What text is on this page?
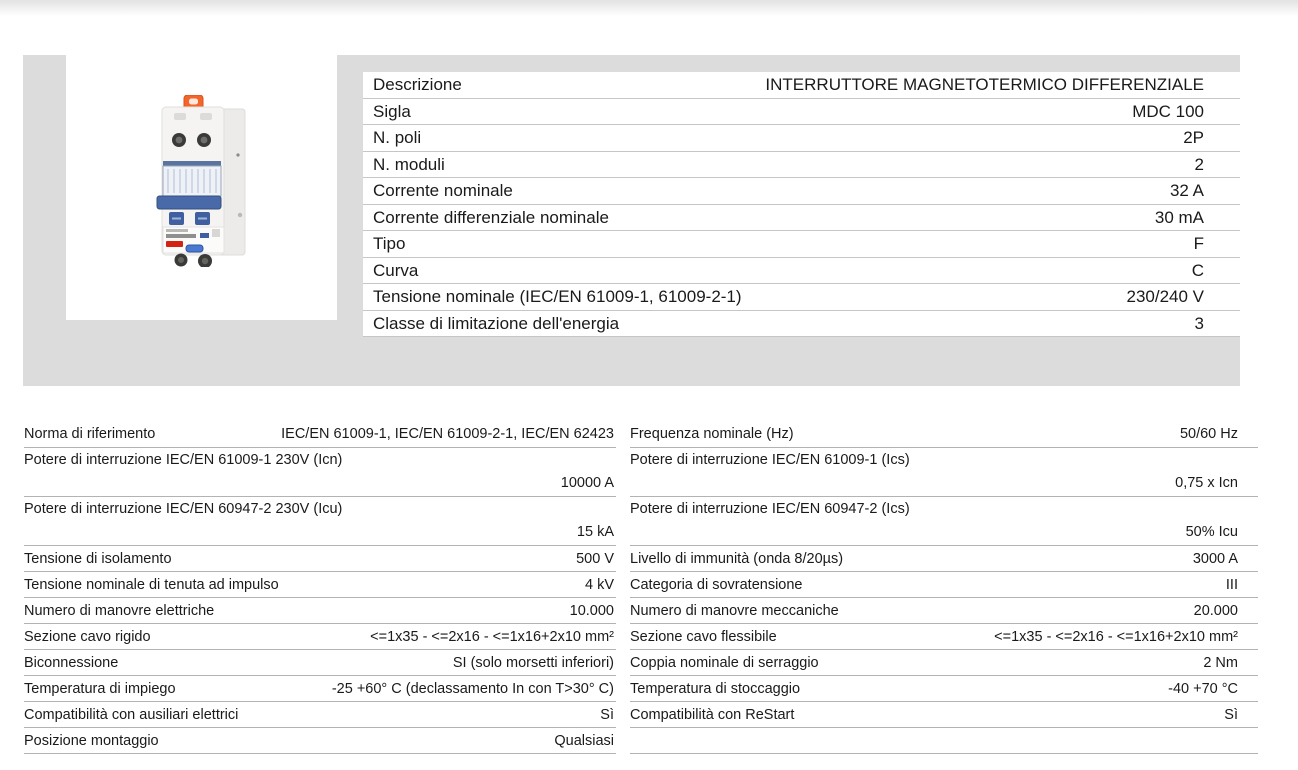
Descrizione	INTERRUTTORE MAGNETOTERMICO DIFFERENZIALE
Sigla	MDC 100
N. poli	2P
N. moduli	2
Corrente nominale	32 A
Corrente differenziale nominale	30 mA
Tipo	F
Curva	C
Tensione nominale (IEC/EN 61009-1, 61009-2-1)	230/240 V
Classe di limitazione dell'energia	3
Norma di riferimento	IEC/EN 61009-1, IEC/EN 61009-2-1, IEC/EN 62423
Potere di interruzione IEC/EN 61009-1 230V (Icn)
10000 A
Potere di interruzione IEC/EN 60947-2 230V (Icu)
15 kA
Tensione di isolamento	500 V
Tensione nominale di tenuta ad impulso	4 kV
Numero di manovre elettriche	10.000
Sezione cavo rigido	<=1x35 - <=2x16 - <=1x16+2x10 mm²
Biconnessione	SI (solo morsetti inferiori)
Temperatura di impiego	-25 +60° C (declassamento In con T>30° C)
Compatibilità con ausiliari elettrici	Sì
Posizione montaggio	Qualsiasi
Frequenza nominale (Hz)	50/60 Hz
Potere di interruzione IEC/EN 61009-1 (Ics)
0,75 x Icn
Potere di interruzione IEC/EN 60947-2 (Ics)
50% Icu
Livello di immunità (onda 8/20µs)	3000 A
Categoria di sovratensione	III
Numero di manovre meccaniche	20.000
Sezione cavo flessibile	<=1x35 - <=2x16 - <=1x16+2x10 mm²
Coppia nominale di serraggio	2 Nm
Temperatura di stoccaggio	-40 +70 °C
Compatibilità con ReStart	Sì
